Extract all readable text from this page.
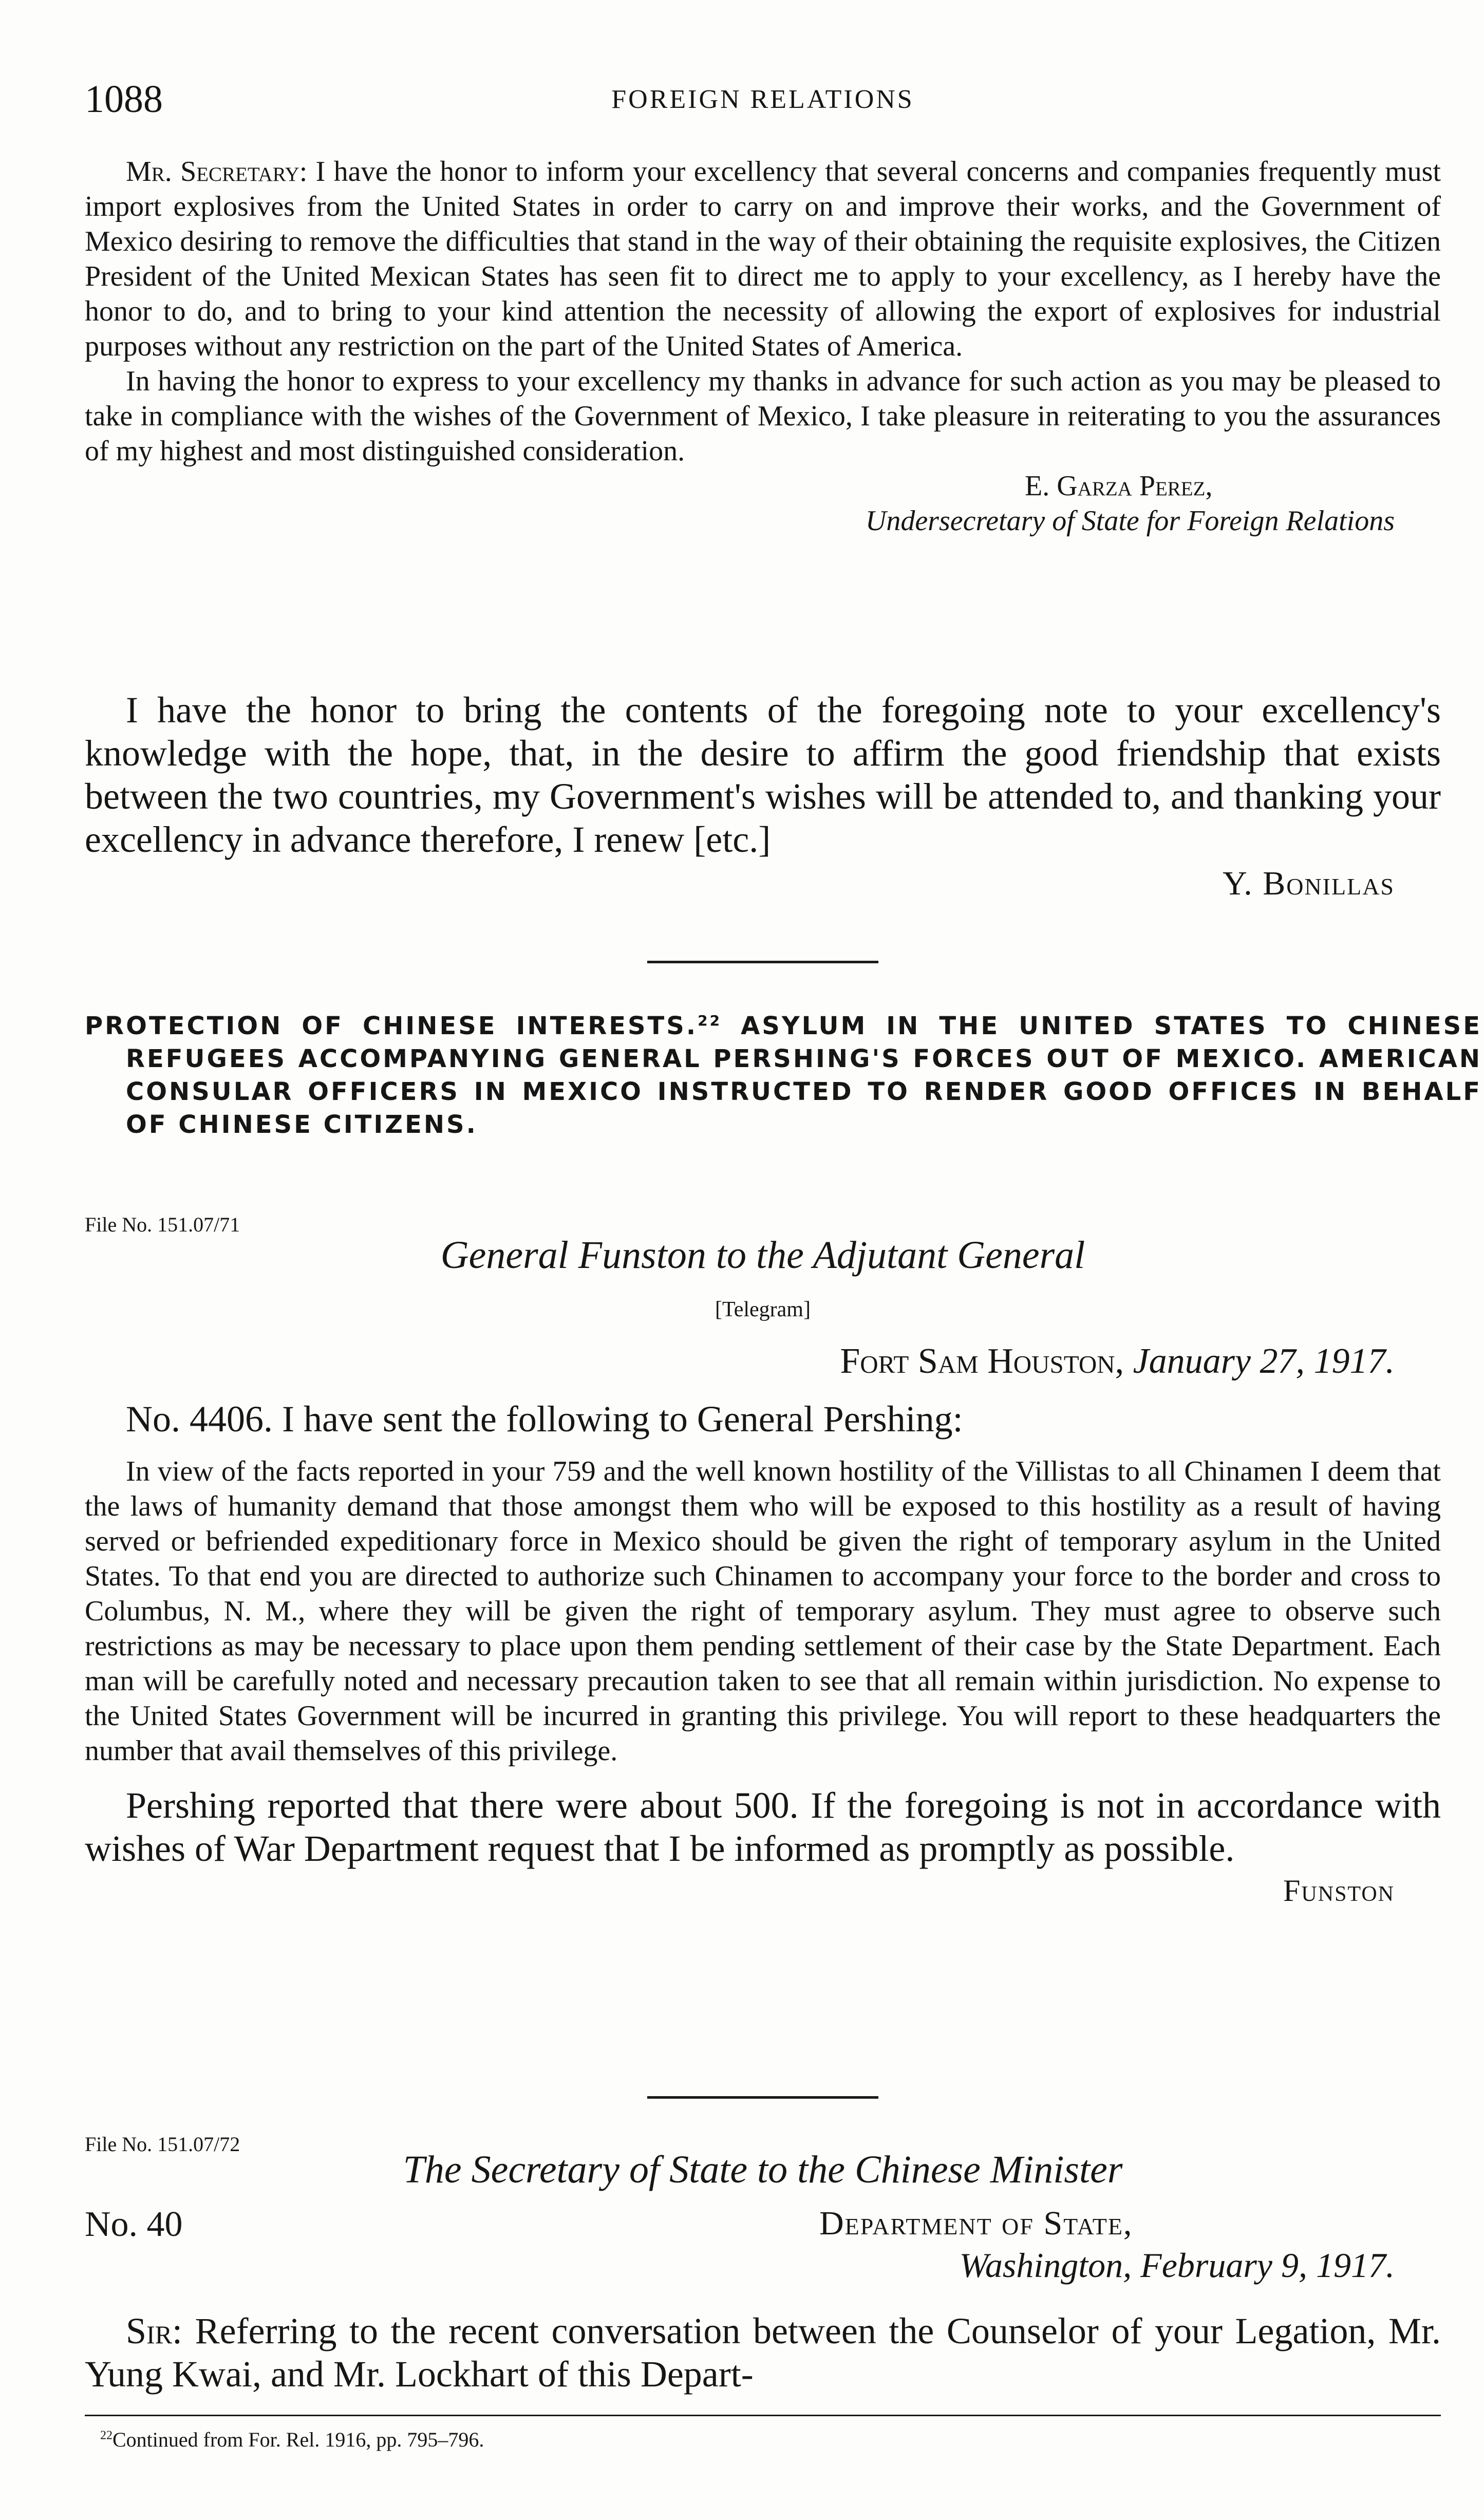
1088	FOREIGN RELATIONS

Mr. Secretary: I have the honor to inform your excellency that several concerns and companies frequently must import explosives from the United States in order to carry on and improve their works, and the Government of Mexico desiring to remove the difficulties that stand in the way of their obtaining the requisite explosives, the Citizen President of the United Mexican States has seen fit to direct me to apply to your excellency, as I hereby have the honor to do, and to bring to your kind attention the necessity of allowing the export of explosives for industrial purposes without any restriction on the part of the United States of America.

In having the honor to express to your excellency my thanks in advance for such action as you may be pleased to take in compliance with the wishes of the Government of Mexico, I take pleasure in reiterating to you the assurances of my highest and most distinguished consideration.

E. Garza Perez,
Undersecretary of State for Foreign Relations

I have the honor to bring the contents of the foregoing note to your excellency's knowledge with the hope, that, in the desire to affirm the good friendship that exists between the two countries, my Government's wishes will be attended to, and thanking your excellency in advance therefore, I renew [etc.]

Y. Bonillas
PROTECTION OF CHINESE INTERESTS.$^{22}$ ASYLUM IN THE UNITED STATES TO CHINESE REFUGEES ACCOMPANYING GENERAL PERSHING'S FORCES OUT OF MEXICO. AMERICAN CONSULAR OFFICERS IN MEXICO INSTRUCTED TO RENDER GOOD OFFICES IN BEHALF OF CHINESE CITIZENS.
File No. 151.07/71
General Funston to the Adjutant General
[Telegram]
Fort Sam Houston, January 27, 1917.
No. 4406. I have sent the following to General Pershing:

In view of the facts reported in your 759 and the well known hostility of the Villistas to all Chinamen I deem that the laws of humanity demand that those amongst them who will be exposed to this hostility as a result of having served or befriended expeditionary force in Mexico should be given the right of temporary asylum in the United States. To that end you are directed to authorize such Chinamen to accompany your force to the border and cross to Columbus, N. M., where they will be given the right of temporary asylum. They must agree to observe such restrictions as may be necessary to place upon them pending settlement of their case by the State Department. Each man will be carefully noted and necessary precaution taken to see that all remain within jurisdiction. No expense to the United States Government will be incurred in granting this privilege. You will report to these headquarters the number that avail themselves of this privilege.

Pershing reported that there were about 500. If the foregoing is not in accordance with wishes of War Department request that I be informed as promptly as possible.

Funston
File No. 151.07/72
The Secretary of State to the Chinese Minister
No. 40	Department of State,
Washington, February 9, 1917.

Sir: Referring to the recent conversation between the Counselor of your Legation, Mr. Yung Kwai, and Mr. Lockhart of this Depart-

$^{22}$Continued from For. Rel. 1916, pp. 795–796.
